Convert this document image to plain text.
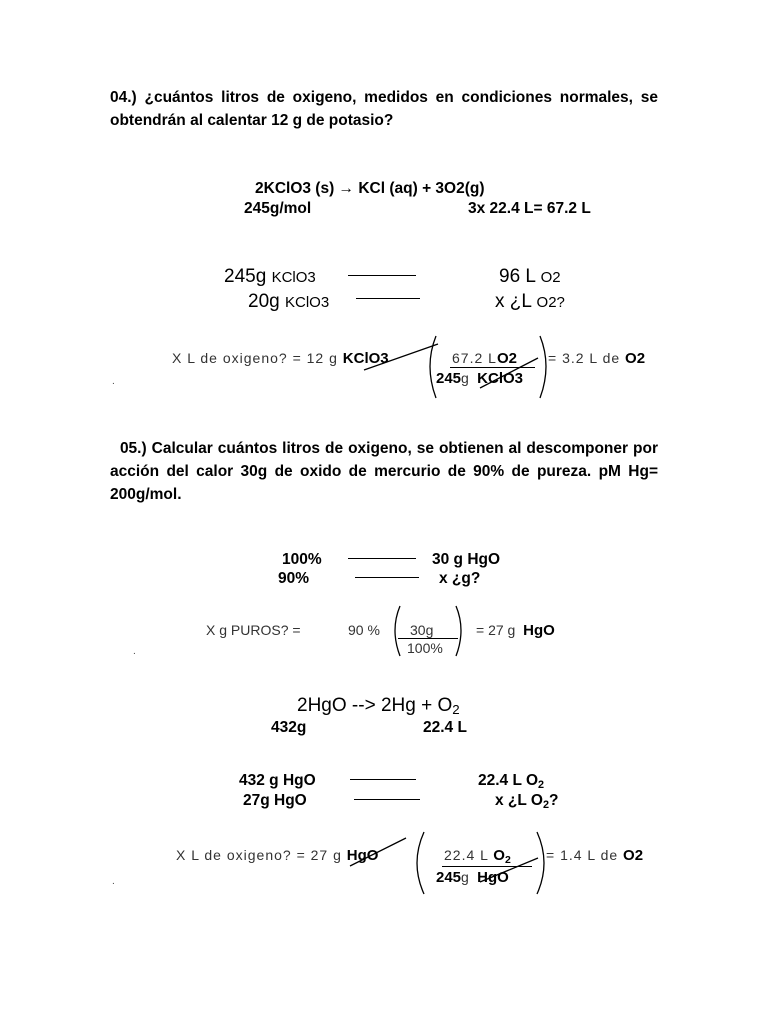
04.) ¿cuántos litros de oxigeno, medidos en condiciones normales, se obtendrán al calentar 12 g de potasio?
2KClO3 (s) → KCl (aq) + 3O2(g)
245g/mol	3x 22.4 L= 67.2 L
245g KClO3	96 L O2
20g KClO3	x ¿L O2?
X L de oxigeno? = 12 g KClO3	67.2 LO2
245g KClO3
= 3.2 L de O2
.
05.) Calcular cuántos litros de oxigeno, se obtienen al descomponer por acción del calor 30g de oxido de mercurio de 90% de pureza. pM Hg= 200g/mol.
100%	30 g HgO
90%	x ¿g?
X g PUROS? =	90 % 30g
100%
= 27 g HgO
.
2HgO --> $2Hg + O_2$
432g	22.4 L
432 g HgO	22.4 L $O_2$
27g HgO	x ¿L $O_2$?
X L de oxigeno? = 27 g HgO	22.4 L $O_2$
245g HgO
= 1.4 L de O2
.
